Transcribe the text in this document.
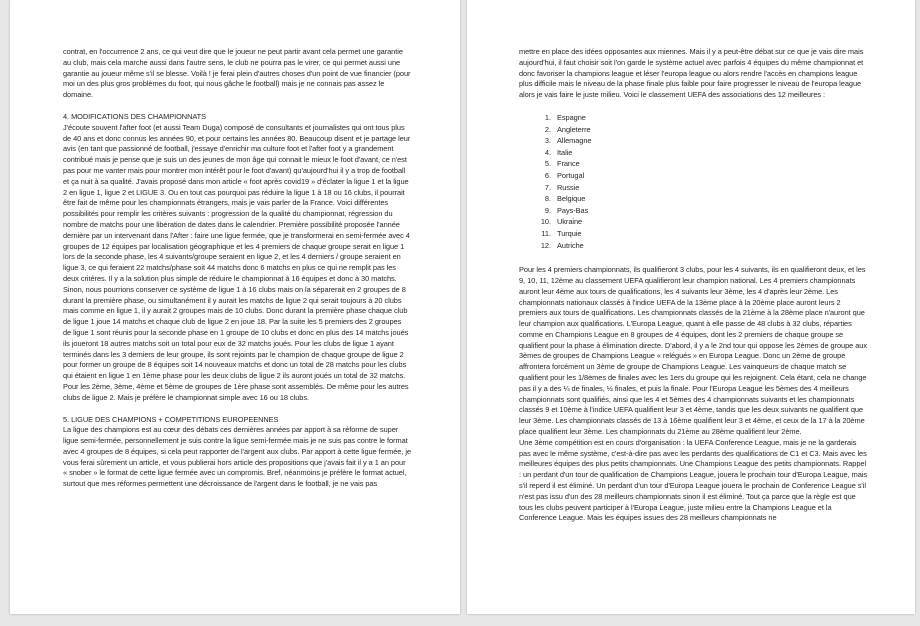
contrat, en l'occurrence 2 ans, ce qui veut dire que le joueur ne peut partir avant cela permet une garantie au club, mais cela marche aussi dans l'autre sens, le club ne pourra pas le virer, ce qui permet aussi une garantie au joueur même s'il se blesse. Voilà ! je ferai plein d'autres choses d'un point de vue financier (pour moi un des plus gros problèmes du foot, qui nous gâche le football) mais je ne connais pas assez le domaine.

4. MODIFICATIONS DES CHAMPIONNATS

J'écoute souvent l'after foot (et aussi Team Duga) composé de consultants et journalistes qui ont tous plus de 40 ans et donc connus les années 90, et pour certains les années 80. Beaucoup disent et je partage leur avis (en tant que passionné de football, j'essaye d'enrichir ma culture foot et l'after foot y a grandement contribué mais je pense que je suis un des jeunes de mon âge qui connait le mieux le foot d'avant, ce n'est pas pour me vanter mais pour montrer mon intérêt pour le foot d'avant) qu'aujourd'hui il y a trop de football et ça nuit à sa qualité. J'avais proposé dans mon article « foot après covid19 » d'éclater la ligue 1 et la ligue 2 en ligue 1, ligue 2 et LIGUE 3. Ou en tout cas pourquoi pas réduire la ligue 1 à 18 ou 16 clubs, il pourrait être fait de même pour les championnats étrangers, mais je vais parler de la France. Voici différentes possibilités pour remplir les critères suivants : progression de la qualité du championnat, régression du nombre de matchs pour une libération de dates dans le calendrier. Première possibilité proposée l'année dernière par un intervenant dans l'After : faire une ligue fermée, que je transformerai en semi-fermée avec 4 groupes de 12 équipes par localisation géographique et les 4 premiers de chaque groupe serait en ligue 1 lors de la seconde phase, les 4 suivants/groupe seraient en ligue 2, et les 4 derniers / groupe seraient en ligue 3, ce qui feraient 22 matchs/phase soit 44 matchs donc 6 matchs en plus ce qui ne remplit pas les deux critères. Il y a la solution plus simple de réduire le championnat à 16 équipes et donc à 30 matchs. Sinon, nous pourrions conserver ce système de ligue 1 à 16 clubs mais on la séparerait en 2 groupes de 8 durant la première phase, ou simultanément il y aurait les matchs de ligue 2 qui serait toujours à 20 clubs mais comme en ligue 1, il y aurait 2 groupes mais de 10 clubs. Donc durant la première phase chaque club de ligue 1 joue 14 matchs et chaque club de ligue 2 en joue 18. Par la suite les 5 premiers des 2 groupes de ligue 1 sont réunis pour la seconde phase en 1 groupe de 10 clubs et donc en plus des 14 matchs joués ils joueront 18 autres matchs soit un total pour eux de 32 matchs joués. Pour les clubs de ligue 1 ayant terminés dans les 3 derniers de leur groupe, ils sont rejoints par le champion de chaque groupe de ligue 2 pour former un groupe de 8 équipes soit 14 nouveaux matchs et donc un total de 28 matchs pour les clubs qui étaient en ligue 1 en 1ème phase pour les deux clubs de ligue 2 ils auront joués un total de 32 matchs. Pour les 2ème, 3ème, 4ème et 5ème de groupes de 1ère phase sont assemblés. De même pour les autres clubs de ligue 2. Mais je préfère le championnat simple avec 16 ou 18 clubs.

5. LIGUE DES CHAMPIONS + COMPETITIONS EUROPEENNES

La ligue des champions est au cœur des débats ces dernières années par apport à sa réforme de super ligue semi-fermée, personnellement je suis contre la ligue semi-fermée mais je ne suis pas contre le format avec 4 groupes de 8 équipes, si cela peut rapporter de l'argent aux clubs. Par apport à cette ligue fermée, je vous ferai sûrement un article, et vous publierai hors article des propositions que j'avais fait il y a 1 an pour « snober » le format de cette ligue fermée avec un compromis. Bref, néanmoins je préfère le format actuel, surtout que mes réformes permettent une décroissance de l'argent dans le football, je ne vais pas

mettre en place des idées opposantes aux miennes. Mais il y a peut-être débat sur ce que je vais dire mais aujourd'hui, il faut choisir soit l'on garde le système actuel avec parfois 4 équipes du même championnat et donc favoriser la champions league et léser l'europa league ou alors rendre l'accès en champions league plus difficile mais le niveau de la phase finale plus faible pour faire progresser le niveau de l'europa league alors je vais faire le juste milieu. Voici le classement UEFA des associations des 12 meilleures :

1. Espagne
2. Angleterre
3. Allemagne
4. Italie
5. France
6. Portugal
7. Russie
8. Belgique
9. Pays-Bas
10. Ukraine
11. Turquie
12. Autriche

Pour les 4 premiers championnats, ils qualifieront 3 clubs, pour les 4 suivants, ils en qualifieront deux, et les 9, 10, 11, 12ème au classement UEFA qualifieront leur champion national. Les 4 premiers championnats auront leur 4ème aux tours de qualifications, les 4 suivants leur 3ème, les 4 d'après leur 2ème. Les championnats nationaux classés à l'indice UEFA de la 13ème place à la 20ème place auront leurs 2 premiers aux tours de qualifications. Les championnats classés de la 21ème à la 28ème place n'auront que leur champion aux qualifications. L'Europa League, quant à elle passe de 48 clubs à 32 clubs, réparties comme en Champions League en 8 groupes de 4 équipes, dont les 2 premiers de chaque groupe se qualifient pour la phase à élimination directe. D'abord, il y a le 2nd tour qui oppose les 2èmes de groupe aux 3èmes de groupes de Champions League « relégués » en Europa League. Donc un 2ème de groupe affrontera forcément un 3ème de groupe de Champions League. Les vainqueurs de chaque match se qualifient pour les 1/8èmes de finales avec les 1ers du groupe qui les rejoignent. Cela étant, cela ne change pas il y a des ¼ de finales, ½ finales, et puis la finale. Pour l'Europa League les 5èmes des 4 meilleurs championnats sont qualifiés, ainsi que les 4 et 5èmes des 4 championnats suivants et les championnats classés 9 et 10ème à l'indice UEFA qualifient leur 3 et 4ème, tandis que les deux suivants ne qualifient que leur 3ème. Les championnats classés de 13 à 16ème qualifient leur 3 et 4ème, et ceux de la 17 à la 20ème place qualifient leur 3ème. Les championnats du 21ème au 28ème qualifient leur 2ème.

Une 3ème compétition est en cours d'organisation : la UEFA Conference League, mais je ne la garderais pas avec le même système, c'est-à-dire pas avec les perdants des qualifications de C1 et C3. Mais avec les meilleures équipes des plus petits championnats. Une Champions League des petits championnats. Rappel : un perdant d'un tour de qualification de Champions League, jouera le prochain tour d'Europa League, mais s'il reperd il est éliminé. Un perdant d'un tour d'Europa League jouera le prochain de Conference League s'il n'est pas issu d'un des 28 meilleurs championnats sinon il est éliminé. Tout ça parce que la règle est que tous les clubs peuvent participer à l'Europa League, juste milieu entre la Champions League et la Conference League. Mais les équipes issues des 28 meilleurs championnats ne
